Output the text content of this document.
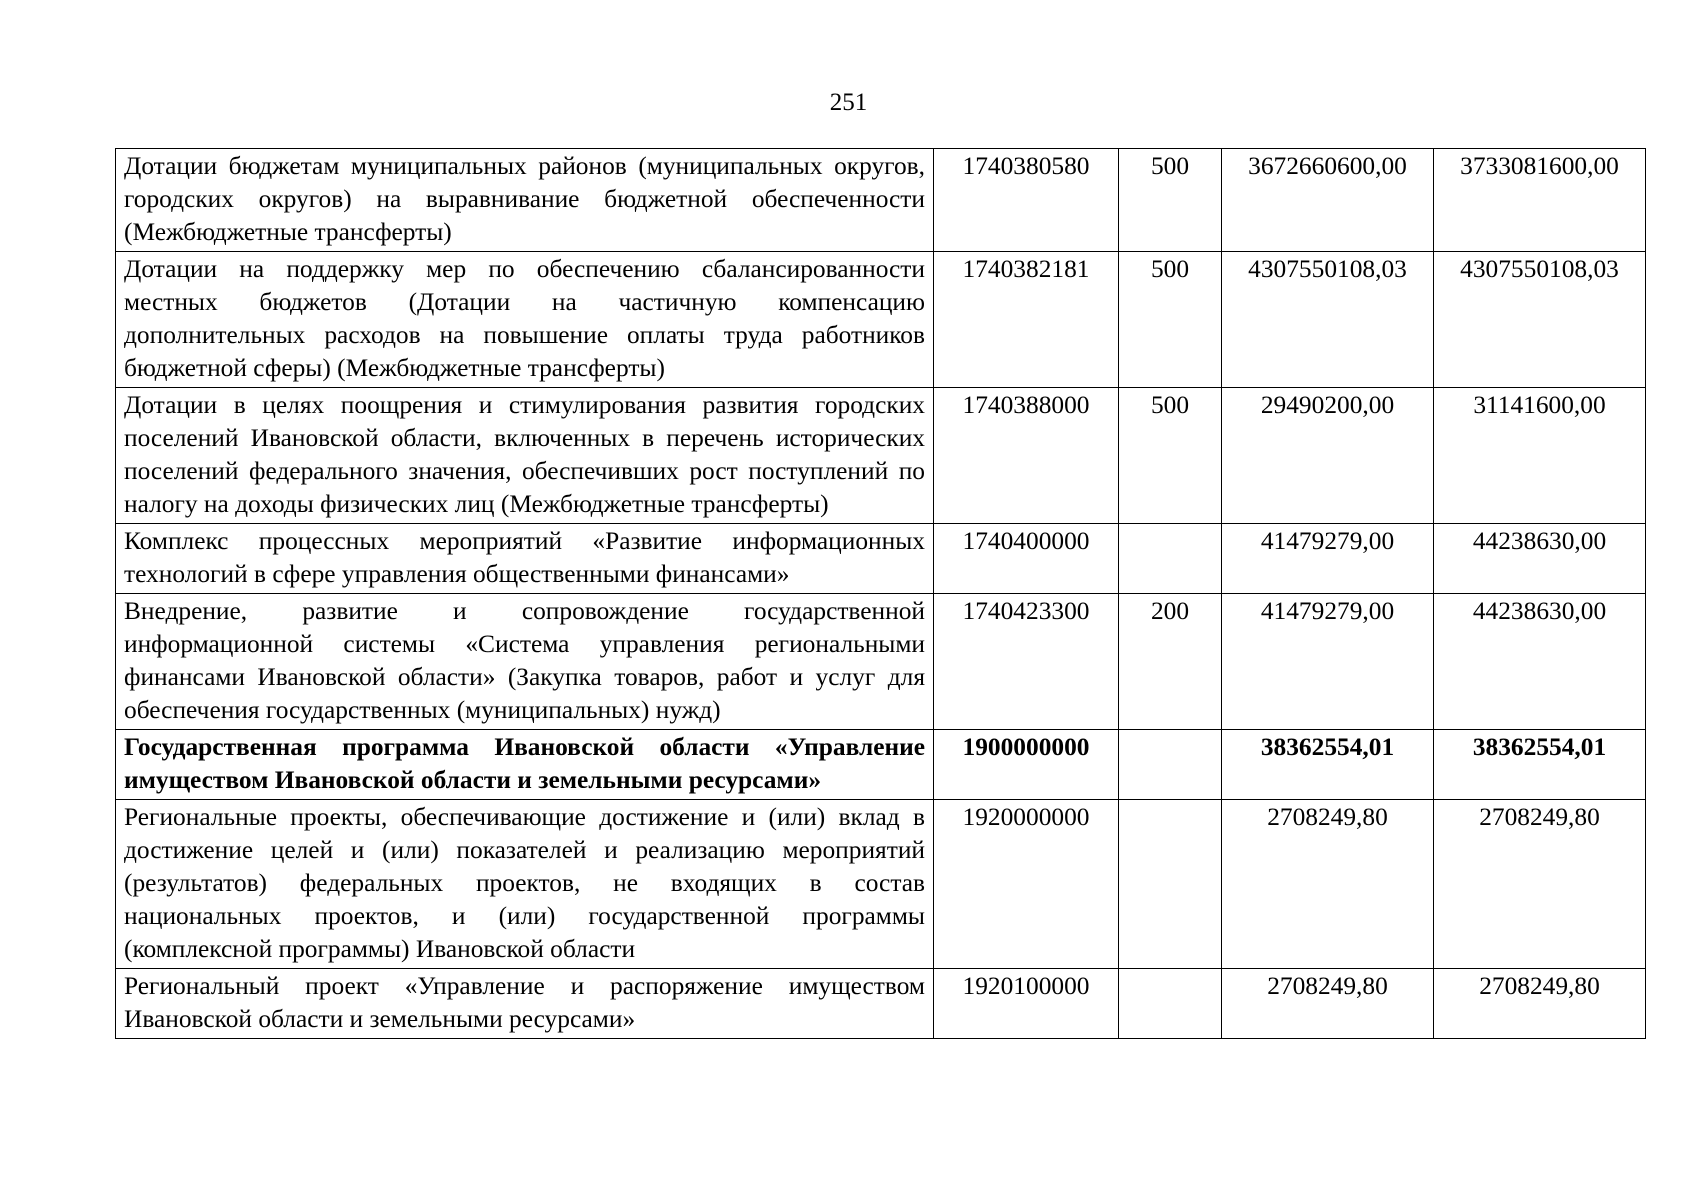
251
Дотации бюджетам муниципальных районов (муниципальных округов, городских округов) на выравнивание бюджетной обеспеченности (Межбюджетные трансферты)	1740380580	500	3672660600,00	3733081600,00
Дотации на поддержку мер по обеспечению сбалансированности местных бюджетов (Дотации на частичную компенсацию дополнительных расходов на повышение оплаты труда работников бюджетной сферы) (Межбюджетные трансферты)	1740382181	500	4307550108,03	4307550108,03
Дотации в целях поощрения и стимулирования развития городских поселений Ивановской области, включенных в перечень исторических поселений федерального значения, обеспечивших рост поступлений по налогу на доходы физических лиц (Межбюджетные трансферты)	1740388000	500	29490200,00	31141600,00
Комплекс процессных мероприятий «Развитие информационных технологий в сфере управления общественными финансами»	1740400000		41479279,00	44238630,00
Внедрение, развитие и сопровождение государственной информационной системы «Система управления региональными финансами Ивановской области» (Закупка товаров, работ и услуг для обеспечения государственных (муниципальных) нужд)	1740423300	200	41479279,00	44238630,00
Государственная программа Ивановской области «Управление имуществом Ивановской области и земельными ресурсами»	1900000000		38362554,01	38362554,01
Региональные проекты, обеспечивающие достижение и (или) вклад в достижение целей и (или) показателей и реализацию мероприятий (результатов) федеральных проектов, не входящих в состав национальных проектов, и (или) государственной программы (комплексной программы) Ивановской области	1920000000		2708249,80	2708249,80
Региональный проект «Управление и распоряжение имуществом Ивановской области и земельными ресурсами»	1920100000		2708249,80	2708249,80
